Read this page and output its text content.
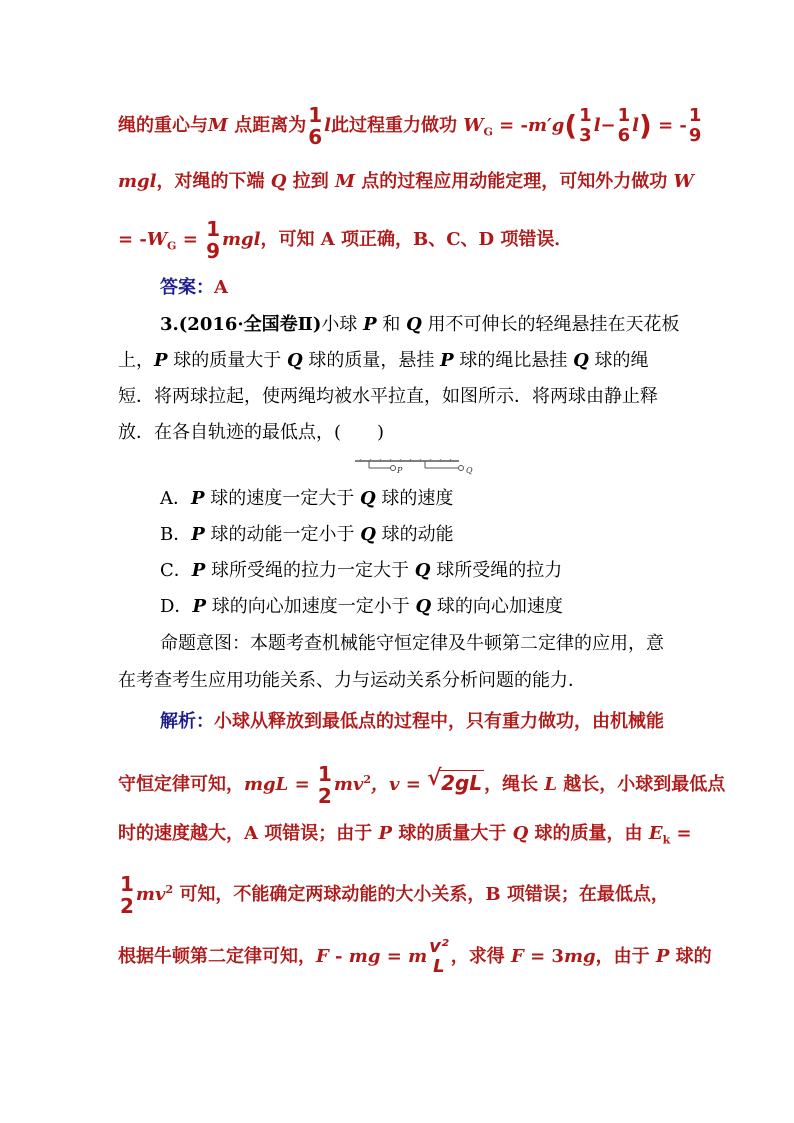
绳的重心与M 点距离为 1
6 l此过程重力做功 $W_G = -m'g$( 1
3 l− 1
6 l) = - 1
9
mgl，对绳的下端 Q 拉到 M 点的过程应用动能定理，可知外力做功 W
= $-W_G = 1$
9 mgl，可知 A 项正确，B、C、D 项错误．
答案：A
3.(2016·全国卷Ⅱ)小球 P 和 Q 用不可伸长的轻绳悬挂在天花板
上，P 球的质量大于 Q 球的质量，悬挂 P 球的绳比悬挂 Q 球的绳
短．将两球拉起，使两绳均被水平拉直，如图所示．将两球由静止释
放．在各自轨迹的最低点，(　　)
P	Q
A．P 球的速度一定大于 Q 球的速度
B．P 球的动能一定小于 Q 球的动能
C．P 球所受绳的拉力一定大于 Q 球所受绳的拉力
D．P 球的向心加速度一定小于 Q 球的向心加速度
命题意图：本题考查机械能守恒定律及牛顿第二定律的应用，意
在考查考生应用功能关系、力与运动关系分析问题的能力．
解析：小球从释放到最低点的过程中，只有重力做功，由机械能
守恒定律可知，mgL = 1
2 $mv^2$，v = √ 2gL ，绳长 L 越长，小球到最低点
时的速度越大，A 项错误；由于 P 球的质量大于 Q 球的质量，由 $E_k$ =
1
2 $mv^2$ 可知，不能确定两球动能的大小关系，B 项错误；在最低点，
根据牛顿第二定律可知，F - mg = m v²
L ，求得 F = 3mg，由于 P 球的
